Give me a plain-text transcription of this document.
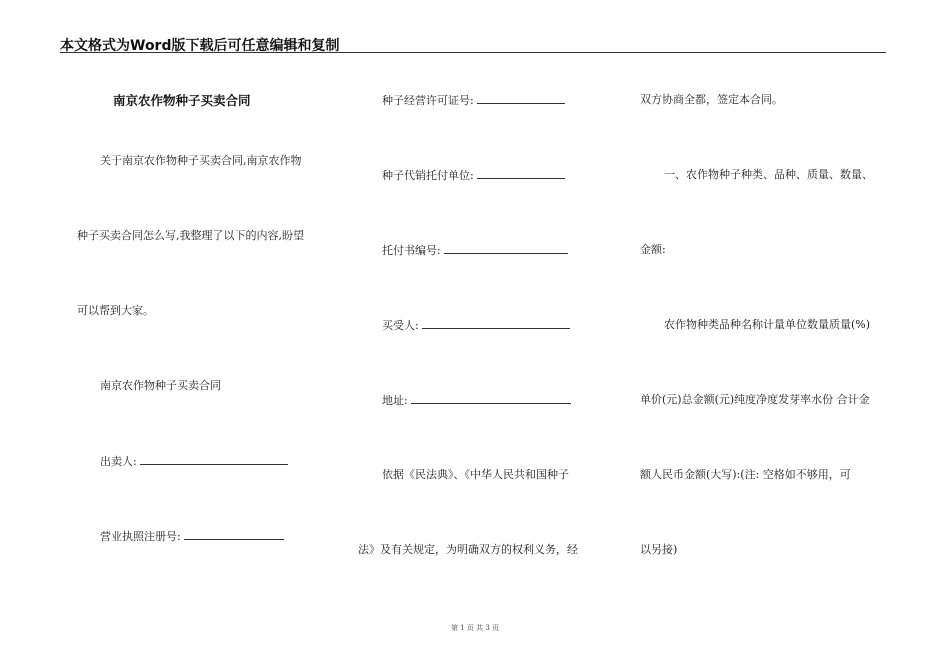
本文格式为Word版下载后可任意编辑和复制
南京农作物种子买卖合同
关于南京农作物种子买卖合同,南京农作物
种子买卖合同怎么写,我整理了以下的内容,盼望
可以帮到大家。
南京农作物种子买卖合同
出卖人:
营业执照注册号:
种子经营许可证号:
种子代销托付单位:
托付书编号:
买受人:
地址:
依据《民法典》、《中华人民共和国种子
法》及有关规定，为明确双方的权利义务，经
双方协商全都，签定本合同。
一、农作物种子种类、品种、质量、数量、
金额:
农作物种类品种名称计量单位数量质量(%)
单价(元)总金额(元)纯度净度发芽率水份 合计金
额人民币金额(大写):(注: 空格如不够用，可
以另接)
第 1 页 共 3 页
